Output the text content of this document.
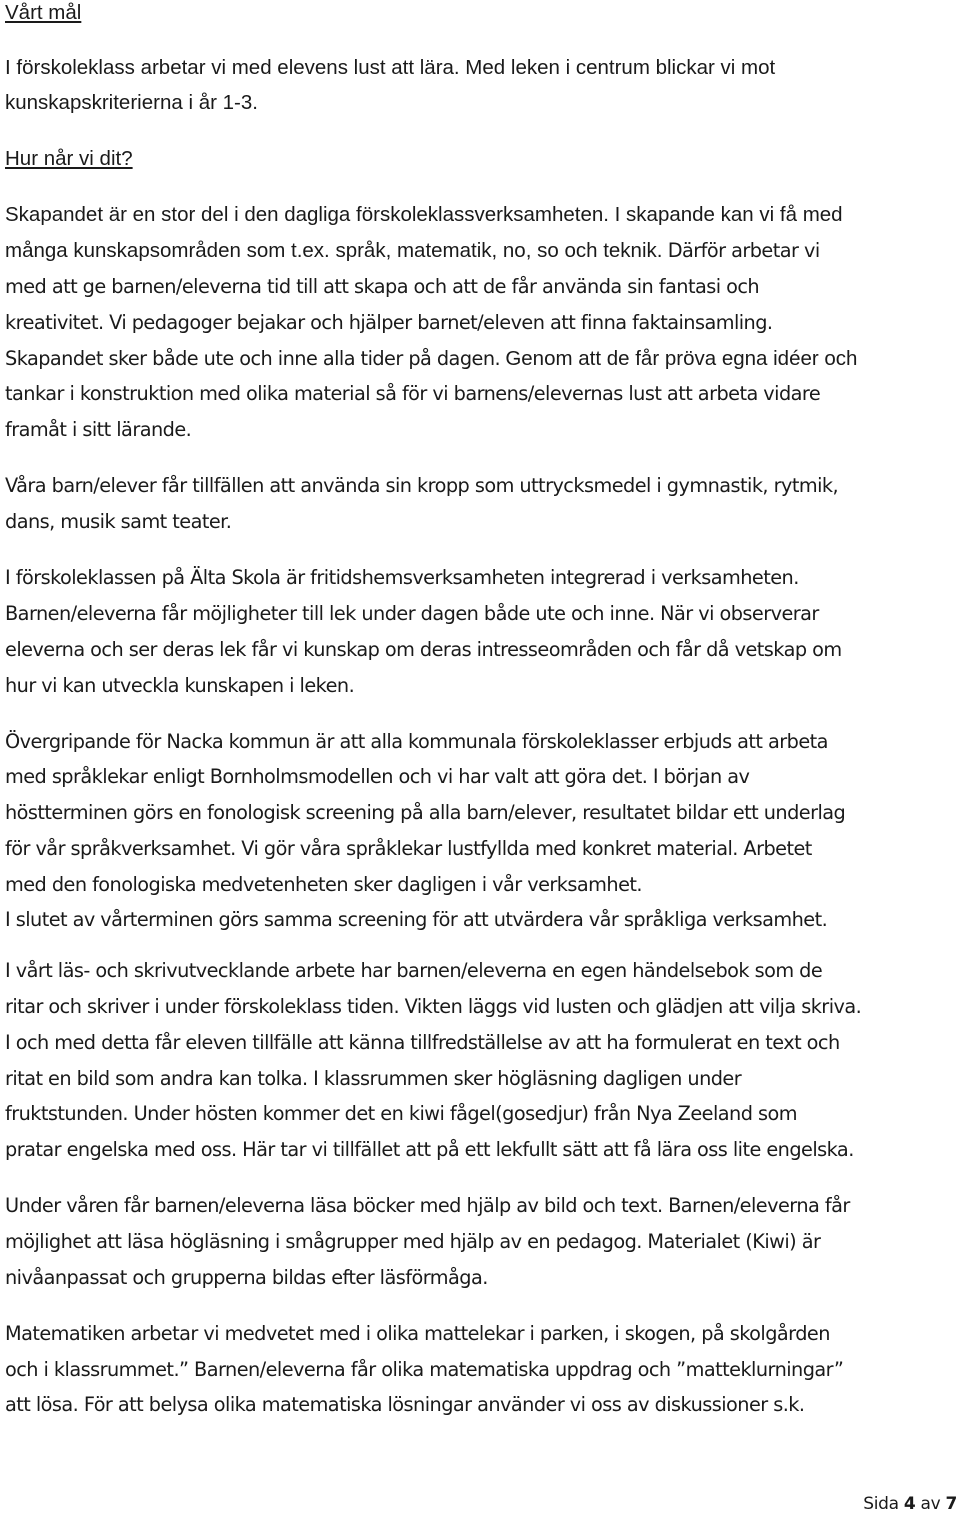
Vårt mål
I förskoleklass arbetar vi med elevens lust att lära. Med leken i centrum blickar vi mot
kunskapskriterierna i år 1-3.
Hur når vi dit?
Skapandet är en stor del i den dagliga förskoleklassverksamheten. I skapande kan vi få med
många kunskapsområden som t.ex. språk, matematik, no, so och teknik. Därför arbetar vi
med att ge barnen/eleverna tid till att skapa och att de får använda sin fantasi och
kreativitet. Vi pedagoger bejakar och hjälper barnet/eleven att finna faktainsamling.
Skapandet sker både ute och inne alla tider på dagen. Genom att de får pröva egna idéer och
tankar i konstruktion med olika material så för vi barnens/elevernas lust att arbeta vidare
framåt i sitt lärande.
Våra barn/elever får tillfällen att använda sin kropp som uttrycksmedel i gymnastik, rytmik,
dans, musik samt teater.
I förskoleklassen på Älta Skola är fritidshemsverksamheten integrerad i verksamheten.
Barnen/eleverna får möjligheter till lek under dagen både ute och inne. När vi observerar
eleverna och ser deras lek får vi kunskap om deras intresseområden och får då vetskap om
hur vi kan utveckla kunskapen i leken.
Övergripande för Nacka kommun är att alla kommunala förskoleklasser erbjuds att arbeta
med språklekar enligt Bornholmsmodellen och vi har valt att göra det. I början av
höstterminen görs en fonologisk screening på alla barn/elever, resultatet bildar ett underlag
för vår språkverksamhet. Vi gör våra språklekar lustfyllda med konkret material. Arbetet
med den fonologiska medvetenheten sker dagligen i vår verksamhet.
I slutet av vårterminen görs samma screening för att utvärdera vår språkliga verksamhet.
I vårt läs- och skrivutvecklande arbete har barnen/eleverna en egen händelsebok som de
ritar och skriver i under förskoleklass tiden. Vikten läggs vid lusten och glädjen att vilja skriva.
I och med detta får eleven tillfälle att känna tillfredställelse av att ha formulerat en text och
ritat en bild som andra kan tolka. I klassrummen sker högläsning dagligen under
fruktstunden. Under hösten kommer det en kiwi fågel(gosedjur) från Nya Zeeland som
pratar engelska med oss. Här tar vi tillfället att på ett lekfullt sätt att få lära oss lite engelska.
Under våren får barnen/eleverna läsa böcker med hjälp av bild och text. Barnen/eleverna får
möjlighet att läsa högläsning i smågrupper med hjälp av en pedagog. Materialet (Kiwi) är
nivåanpassat och grupperna bildas efter läsförmåga.
Matematiken arbetar vi medvetet med i olika mattelekar i parken, i skogen, på skolgården
och i klassrummet.” Barnen/eleverna får olika matematiska uppdrag och ”matteklurningar”
att lösa. För att belysa olika matematiska lösningar använder vi oss av diskussioner s.k.
Sida 4 av 7
